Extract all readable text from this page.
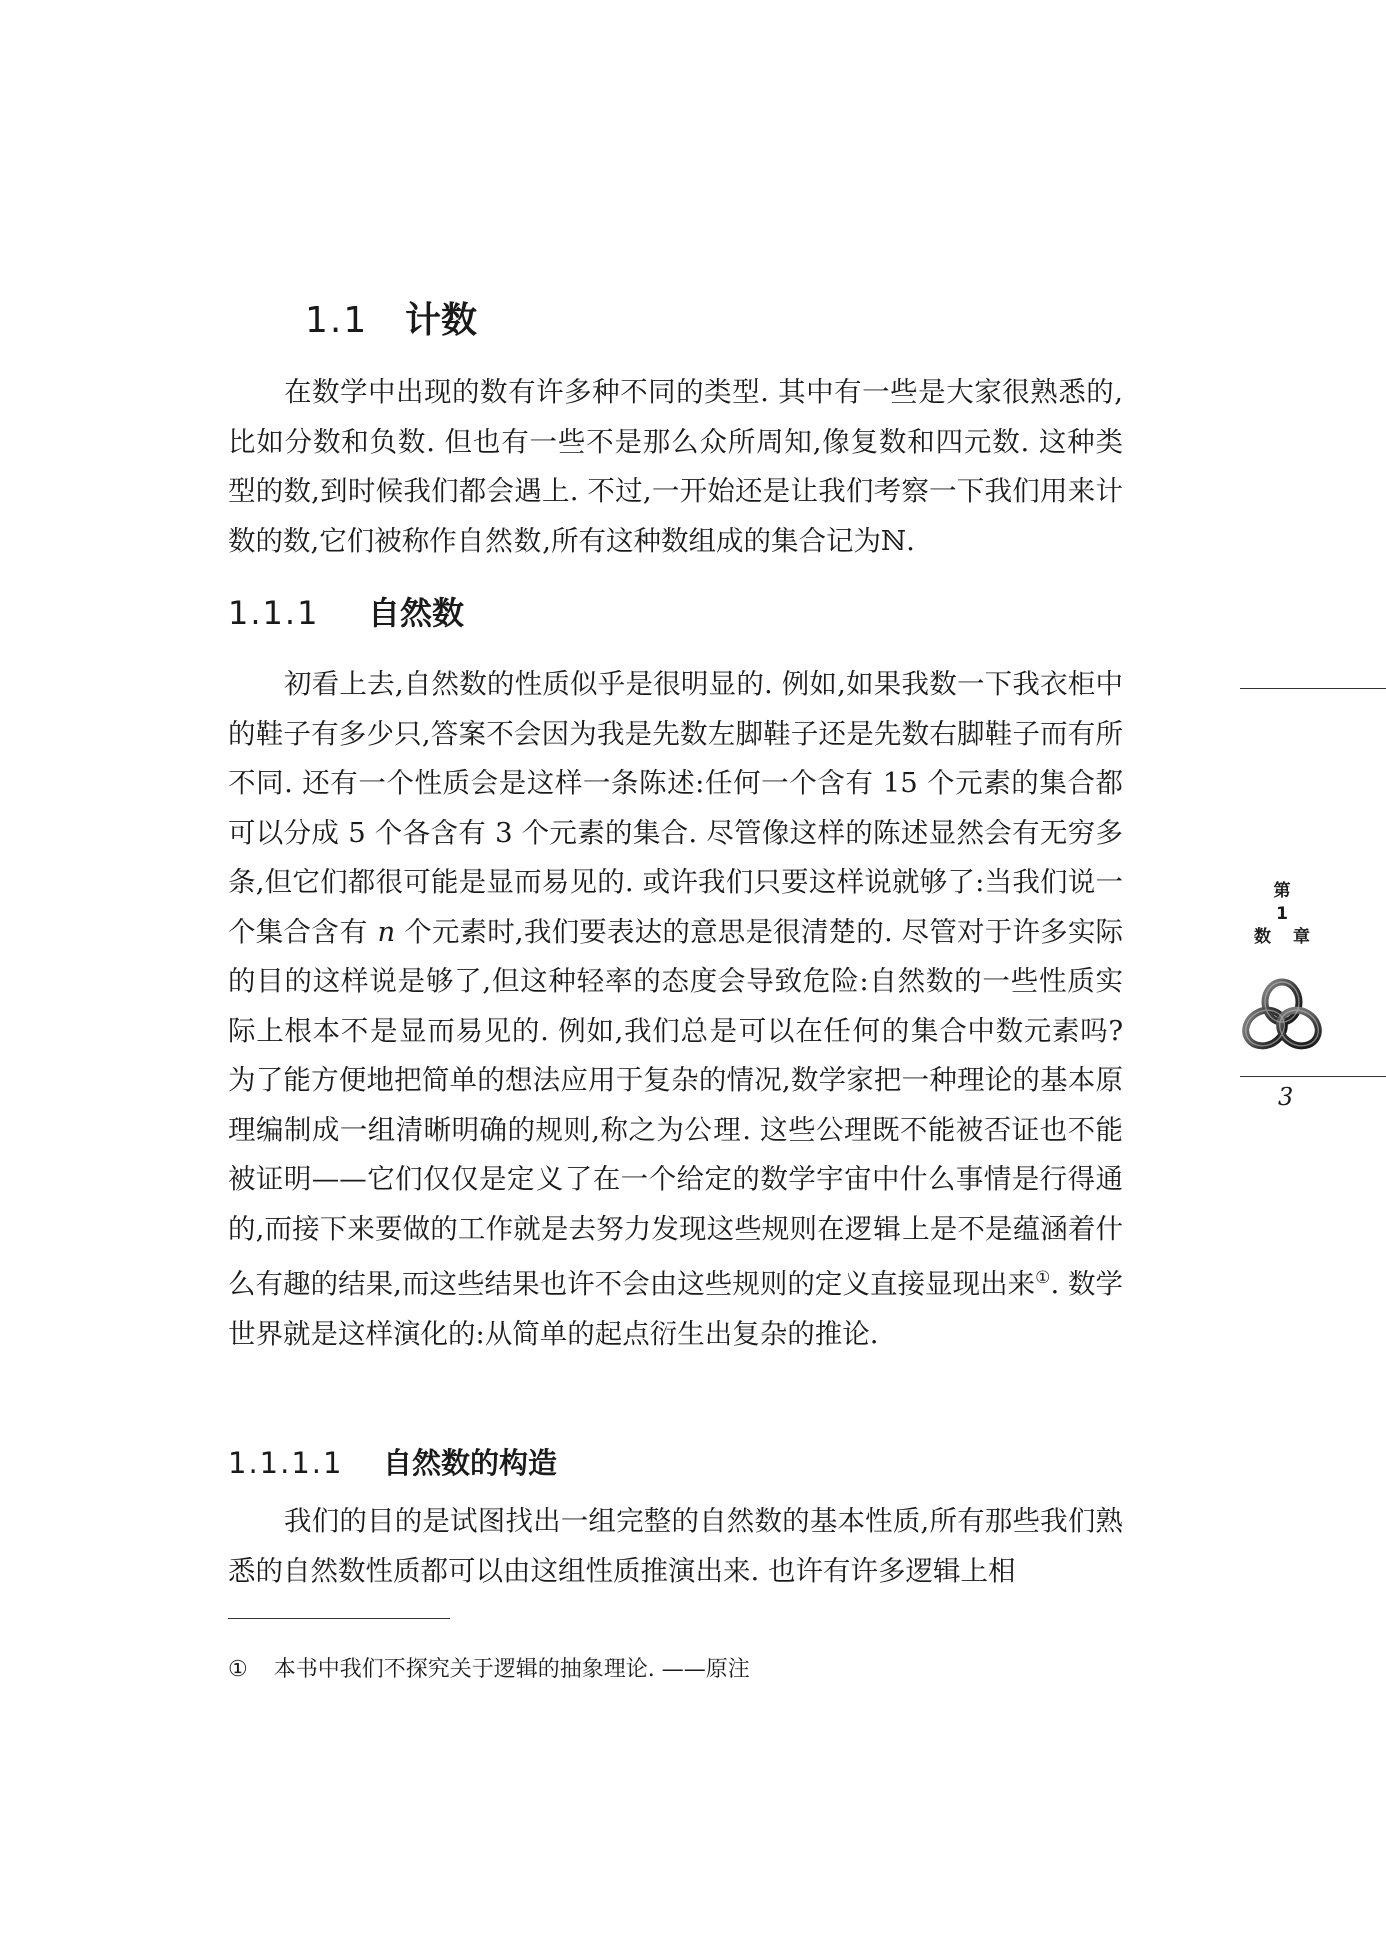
1.1 计数

在数学中出现的数有许多种不同的类型. 其中有一些是大家很熟悉的,比如分数和负数. 但也有一些不是那么众所周知,像复数和四元数. 这种类型的数,到时候我们都会遇上. 不过,一开始还是让我们考察一下我们用来计数的数,它们被称作自然数,所有这种数组成的集合记为ℕ.

1.1.1 自然数

初看上去,自然数的性质似乎是很明显的. 例如,如果我数一下我衣柜中的鞋子有多少只,答案不会因为我是先数左脚鞋子还是先数右脚鞋子而有所不同. 还有一个性质会是这样一条陈述:任何一个含有 15 个元素的集合都可以分成 5 个各含有 3 个元素的集合. 尽管像这样的陈述显然会有无穷多条,但它们都很可能是显而易见的. 或许我们只要这样说就够了:当我们说一个集合含有 n 个元素时,我们要表达的意思是很清楚的. 尽管对于许多实际的目的这样说是够了,但这种轻率的态度会导致危险:自然数的一些性质实际上根本不是显而易见的. 例如,我们总是可以在任何的集合中数元素吗? 为了能方便地把简单的想法应用于复杂的情况,数学家把一种理论的基本原理编制成一组清晰明确的规则,称之为公理. 这些公理既不能被否证也不能被证明——它们仅仅是定义了在一个给定的数学宇宙中什么事情是行得通的,而接下来要做的工作就是去努力发现这些规则在逻辑上是不是蕴涵着什么有趣的结果,而这些结果也许不会由这些规则的定义直接显现出来①. 数学世界就是这样演化的:从简单的起点衍生出复杂的推论.

1.1.1.1 自然数的构造

我们的目的是试图找出一组完整的自然数的基本性质,所有那些我们熟悉的自然数性质都可以由这组性质推演出来. 也许有许多逻辑上相

① 本书中我们不探究关于逻辑的抽象理论. ——原注
第
1
数 章
3
